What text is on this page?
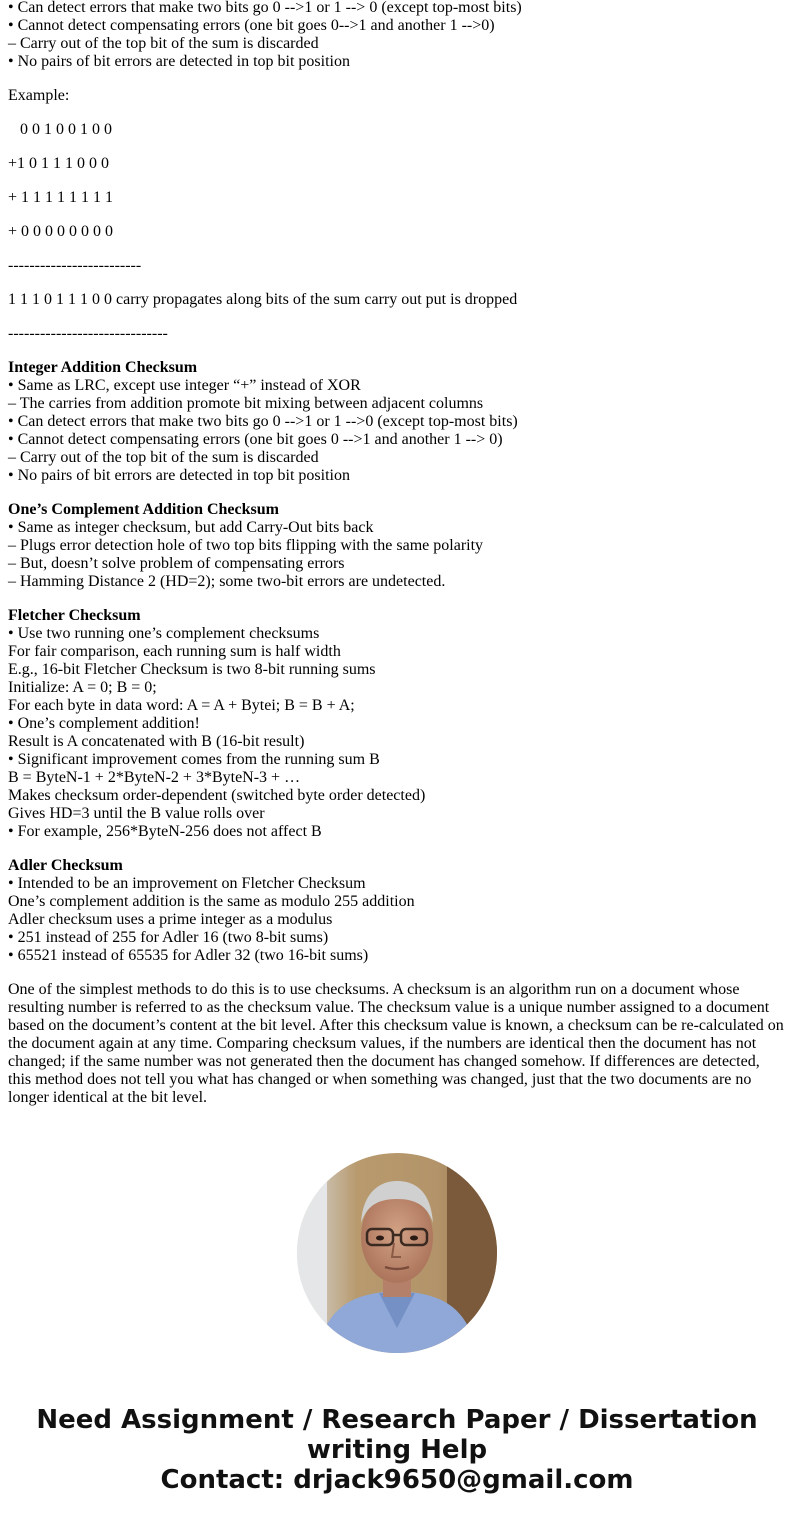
• Can detect errors that make two bits go 0 -->1 or 1 --> 0 (except top-most bits)
• Cannot detect compensating errors (one bit goes 0-->1 and another 1 -->0)
– Carry out of the top bit of the sum is discarded
• No pairs of bit errors are detected in top bit position
Example:
0 0 1 0 0 1 0 0
+1 0 1 1 1 0 0 0
+ 1 1 1 1 1 1 1 1
+ 0 0 0 0 0 0 0 0
-------------------------
1 1 1 0 1 1 1 0 0 carry propagates along bits of the sum carry out put is dropped
------------------------------
Integer Addition Checksum
• Same as LRC, except use integer “+” instead of XOR
– The carries from addition promote bit mixing between adjacent columns
• Can detect errors that make two bits go 0 -->1 or 1 -->0 (except top-most bits)
• Cannot detect compensating errors (one bit goes 0 -->1 and another 1 --> 0)
– Carry out of the top bit of the sum is discarded
• No pairs of bit errors are detected in top bit position
One’s Complement Addition Checksum
• Same as integer checksum, but add Carry-Out bits back
– Plugs error detection hole of two top bits flipping with the same polarity
– But, doesn’t solve problem of compensating errors
– Hamming Distance 2 (HD=2); some two-bit errors are undetected.
Fletcher Checksum
• Use two running one’s complement checksums
For fair comparison, each running sum is half width
E.g., 16-bit Fletcher Checksum is two 8-bit running sums
Initialize: A = 0; B = 0;
For each byte in data word: A = A + Bytei; B = B + A;
• One’s complement addition!
Result is A concatenated with B (16-bit result)
• Significant improvement comes from the running sum B
B = ByteN-1 + 2*ByteN-2 + 3*ByteN-3 + …
Makes checksum order-dependent (switched byte order detected)
Gives HD=3 until the B value rolls over
• For example, 256*ByteN-256 does not affect B
Adler Checksum
• Intended to be an improvement on Fletcher Checksum
One’s complement addition is the same as modulo 255 addition
Adler checksum uses a prime integer as a modulus
• 251 instead of 255 for Adler 16 (two 8-bit sums)
• 65521 instead of 65535 for Adler 32 (two 16-bit sums)
One of the simplest methods to do this is to use checksums. A checksum is an algorithm run on a document whose resulting number is referred to as the checksum value. The checksum value is a unique number assigned to a document based on the document’s content at the bit level. After this checksum value is known, a checksum can be re-calculated on the document again at any time. Comparing checksum values, if the numbers are identical then the document has not changed; if the same number was not generated then the document has changed somehow. If differences are detected, this method does not tell you what has changed or when something was changed, just that the two documents are no longer identical at the bit level.
Need Assignment / Research Paper / Dissertation
writing Help
Contact: drjack9650@gmail.com
